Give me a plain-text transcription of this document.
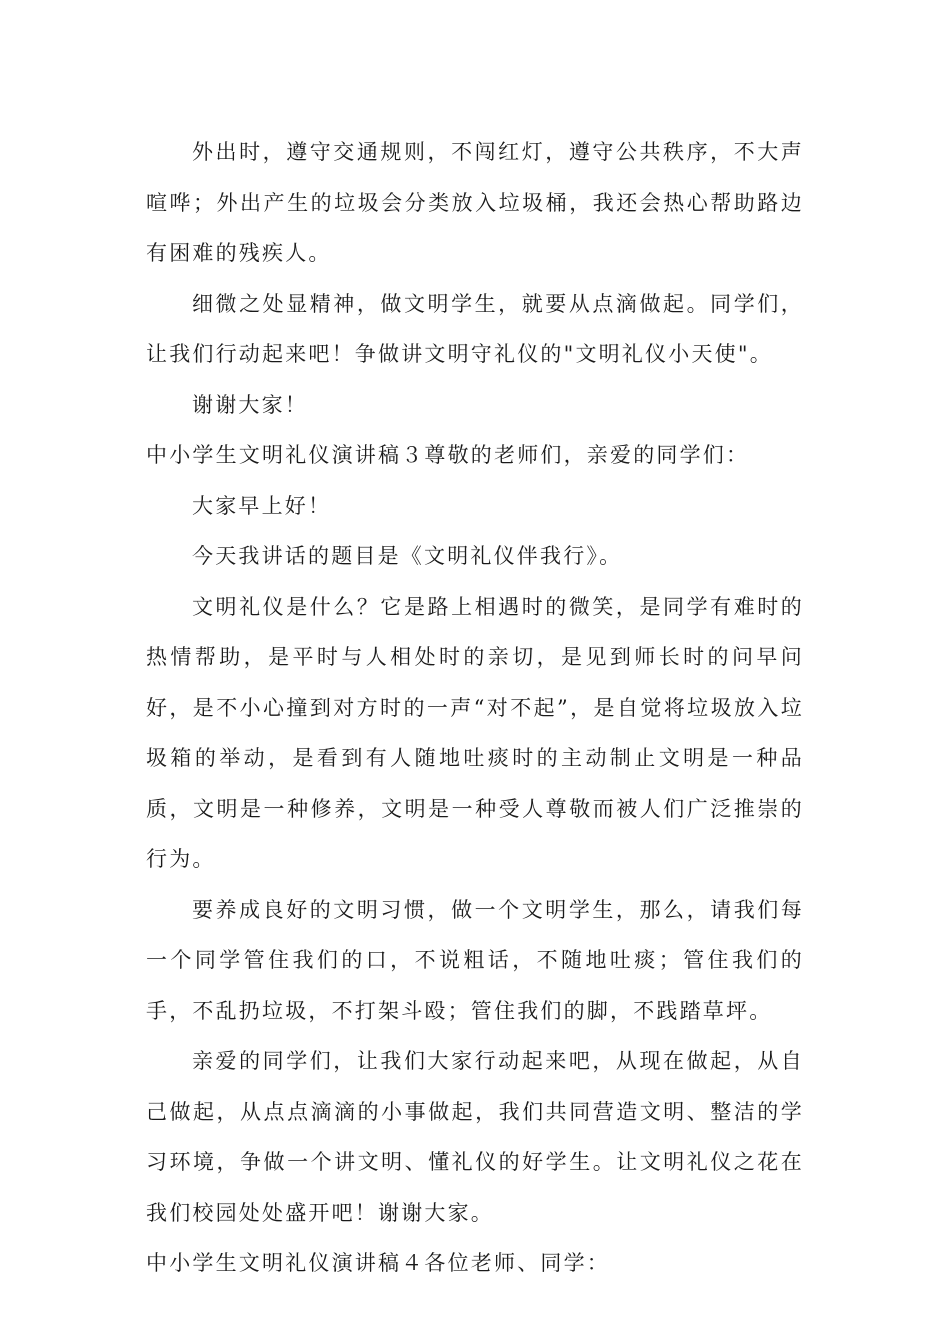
外出时，遵守交通规则，不闯红灯，遵守公共秩序，不大声喧哗；外出产生的垃圾会分类放入垃圾桶，我还会热心帮助路边有困难的残疾人。

细微之处显精神，做文明学生，就要从点滴做起。同学们，让我们行动起来吧！争做讲文明守礼仪的"文明礼仪小天使"。

谢谢大家！

中小学生文明礼仪演讲稿３尊敬的老师们，亲爱的同学们：

大家早上好！

今天我讲话的题目是《文明礼仪伴我行》。

文明礼仪是什么？它是路上相遇时的微笑，是同学有难时的热情帮助，是平时与人相处时的亲切，是见到师长时的问早问好，是不小心撞到对方时的一声“对不起”，是自觉将垃圾放入垃圾箱的举动，是看到有人随地吐痰时的主动制止文明是一种品质，文明是一种修养，文明是一种受人尊敬而被人们广泛推崇的行为。

要养成良好的文明习惯，做一个文明学生，那么，请我们每一个同学管住我们的口，不说粗话，不随地吐痰；管住我们的手，不乱扔垃圾，不打架斗殴；管住我们的脚，不践踏草坪。

亲爱的同学们，让我们大家行动起来吧，从现在做起，从自己做起，从点点滴滴的小事做起，我们共同营造文明、整洁的学习环境，争做一个讲文明、懂礼仪的好学生。让文明礼仪之花在我们校园处处盛开吧！谢谢大家。

中小学生文明礼仪演讲稿４各位老师、同学：
